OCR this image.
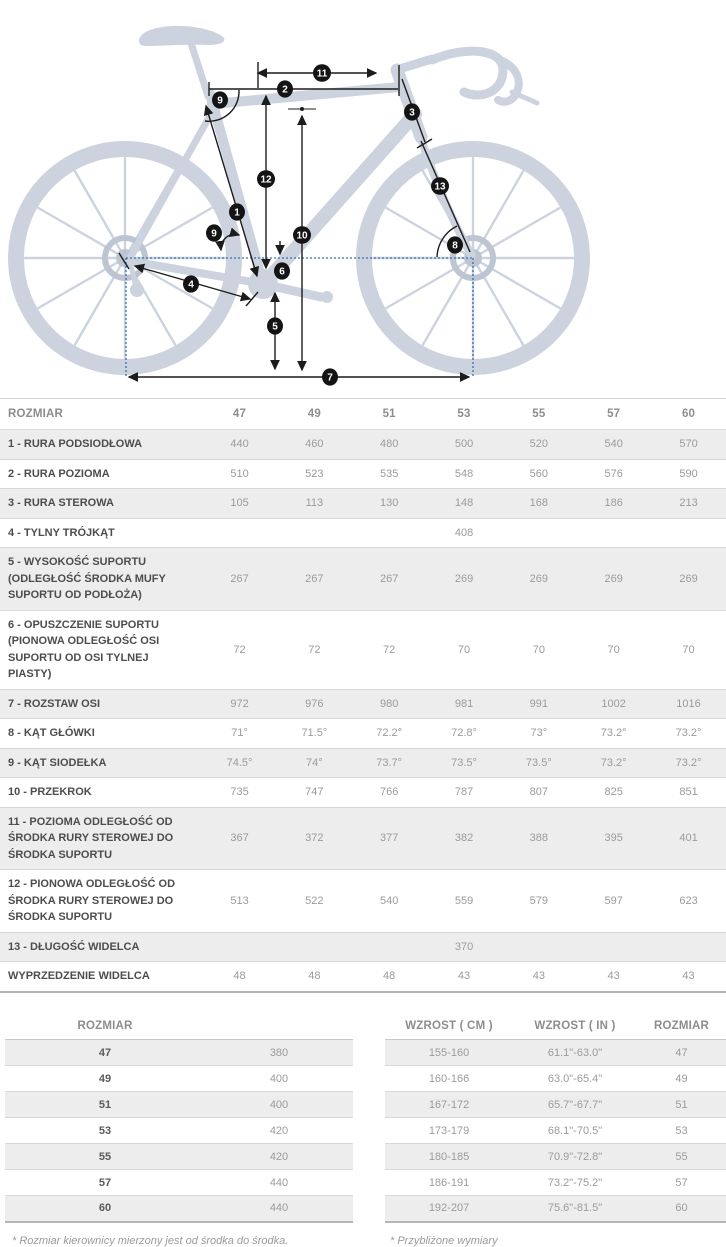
1
2
3
4
5
6
7
8
9
9	10
11
12
13
ROZMIAR	47	49	51	53	55	57	60
1 - RURA PODSIODŁOWA	440	460	480	500	520	540	570
2 - RURA POZIOMA	510	523	535	548	560	576	590
3 - RURA STEROWA	105	113	130	148	168	186	213
4 - TYLNY TRÓJKĄT				408			
5 - WYSOKOŚĆ SUPORTU (ODLEGŁOŚĆ ŚRODKA MUFY SUPORTU OD PODŁOŻA)	267	267	267	269	269	269	269
6 - OPUSZCZENIE SUPORTU (PIONOWA ODLEGŁOŚĆ OSI SUPORTU OD OSI TYLNEJ PIASTY)	72	72	72	70	70	70	70
7 - ROZSTAW OSI	972	976	980	981	991	1002	1016
8 - KĄT GŁÓWKI	71°	71.5°	72.2°	72.8°	73°	73.2°	73.2°
9 - KĄT SIODEŁKA	74.5°	74°	73.7°	73.5°	73.5°	73.2°	73.2°
10 - PRZEKROK	735	747	766	787	807	825	851
11 - POZIOMA ODLEGŁOŚĆ OD ŚRODKA RURY STEROWEJ DO ŚRODKA SUPORTU	367	372	377	382	388	395	401
12 - PIONOWA ODLEGŁOŚĆ OD ŚRODKA RURY STEROWEJ DO ŚRODKA SUPORTU	513	522	540	559	579	597	623
13 - DŁUGOŚĆ WIDELCA				370			
WYPRZEDZENIE WIDELCA	48	48	48	43	43	43	43
ROZMIAR	
47	380
49	400
51	400
53	420
55	420
57	440
60	440
WZROST ( CM )	WZROST ( IN )	ROZMIAR
155-160	61.1"-63.0"	47
160-166	63.0"-65.4"	49
167-172	65.7"-67.7"	51
173-179	68.1"-70.5"	53
180-185	70.9"-72.8"	55
186-191	73.2"-75.2"	57
192-207	75.6"-81.5"	60
* Rozmiar kierownicy mierzony jest od środka do środka.	* Przybliżone wymiary
